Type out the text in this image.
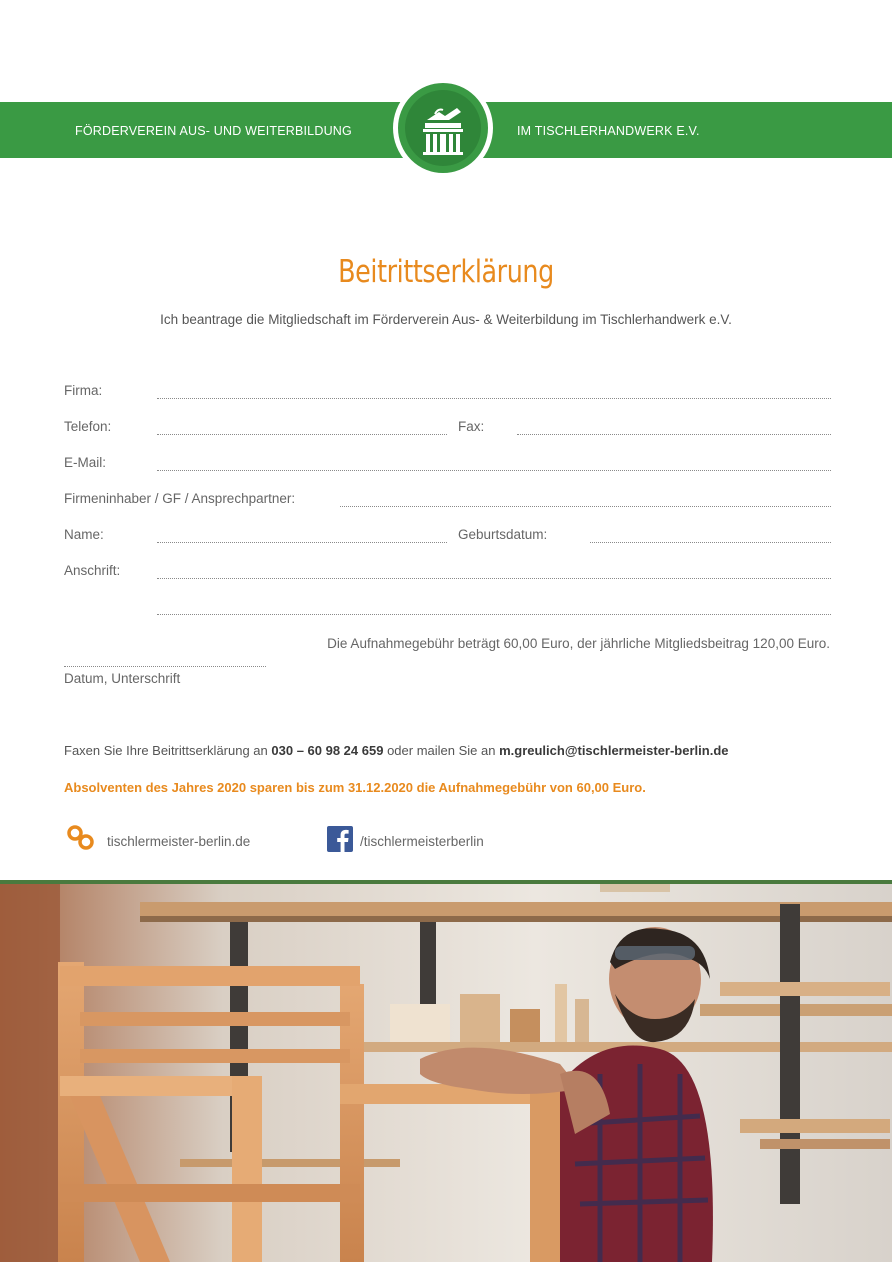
FÖRDERVEREIN AUS- UND WEITERBILDUNG	IM TISCHLERHANDWERK E.V.
Beitrittserklärung
Ich beantrage die Mitgliedschaft im Förderverein Aus- & Weiterbildung im Tischlerhandwerk e.V.
Firma:
Telefon:	Fax:
E-Mail:
Firmeninhaber / GF / Ansprechpartner:
Name:	Geburtsdatum:
Anschrift:
Die Aufnahmegebühr beträgt 60,00 Euro, der jährliche Mitgliedsbeitrag 120,00 Euro.
Datum, Unterschrift
Faxen Sie Ihre Beitrittserklärung an 030 – 60 98 24 659 oder mailen Sie an m.greulich@tischlermeister-berlin.de
Absolventen des Jahres 2020 sparen bis zum 31.12.2020 die Aufnahmegebühr von 60,00 Euro.
tischlermeister-berlin.de	/tischlermeisterberlin
